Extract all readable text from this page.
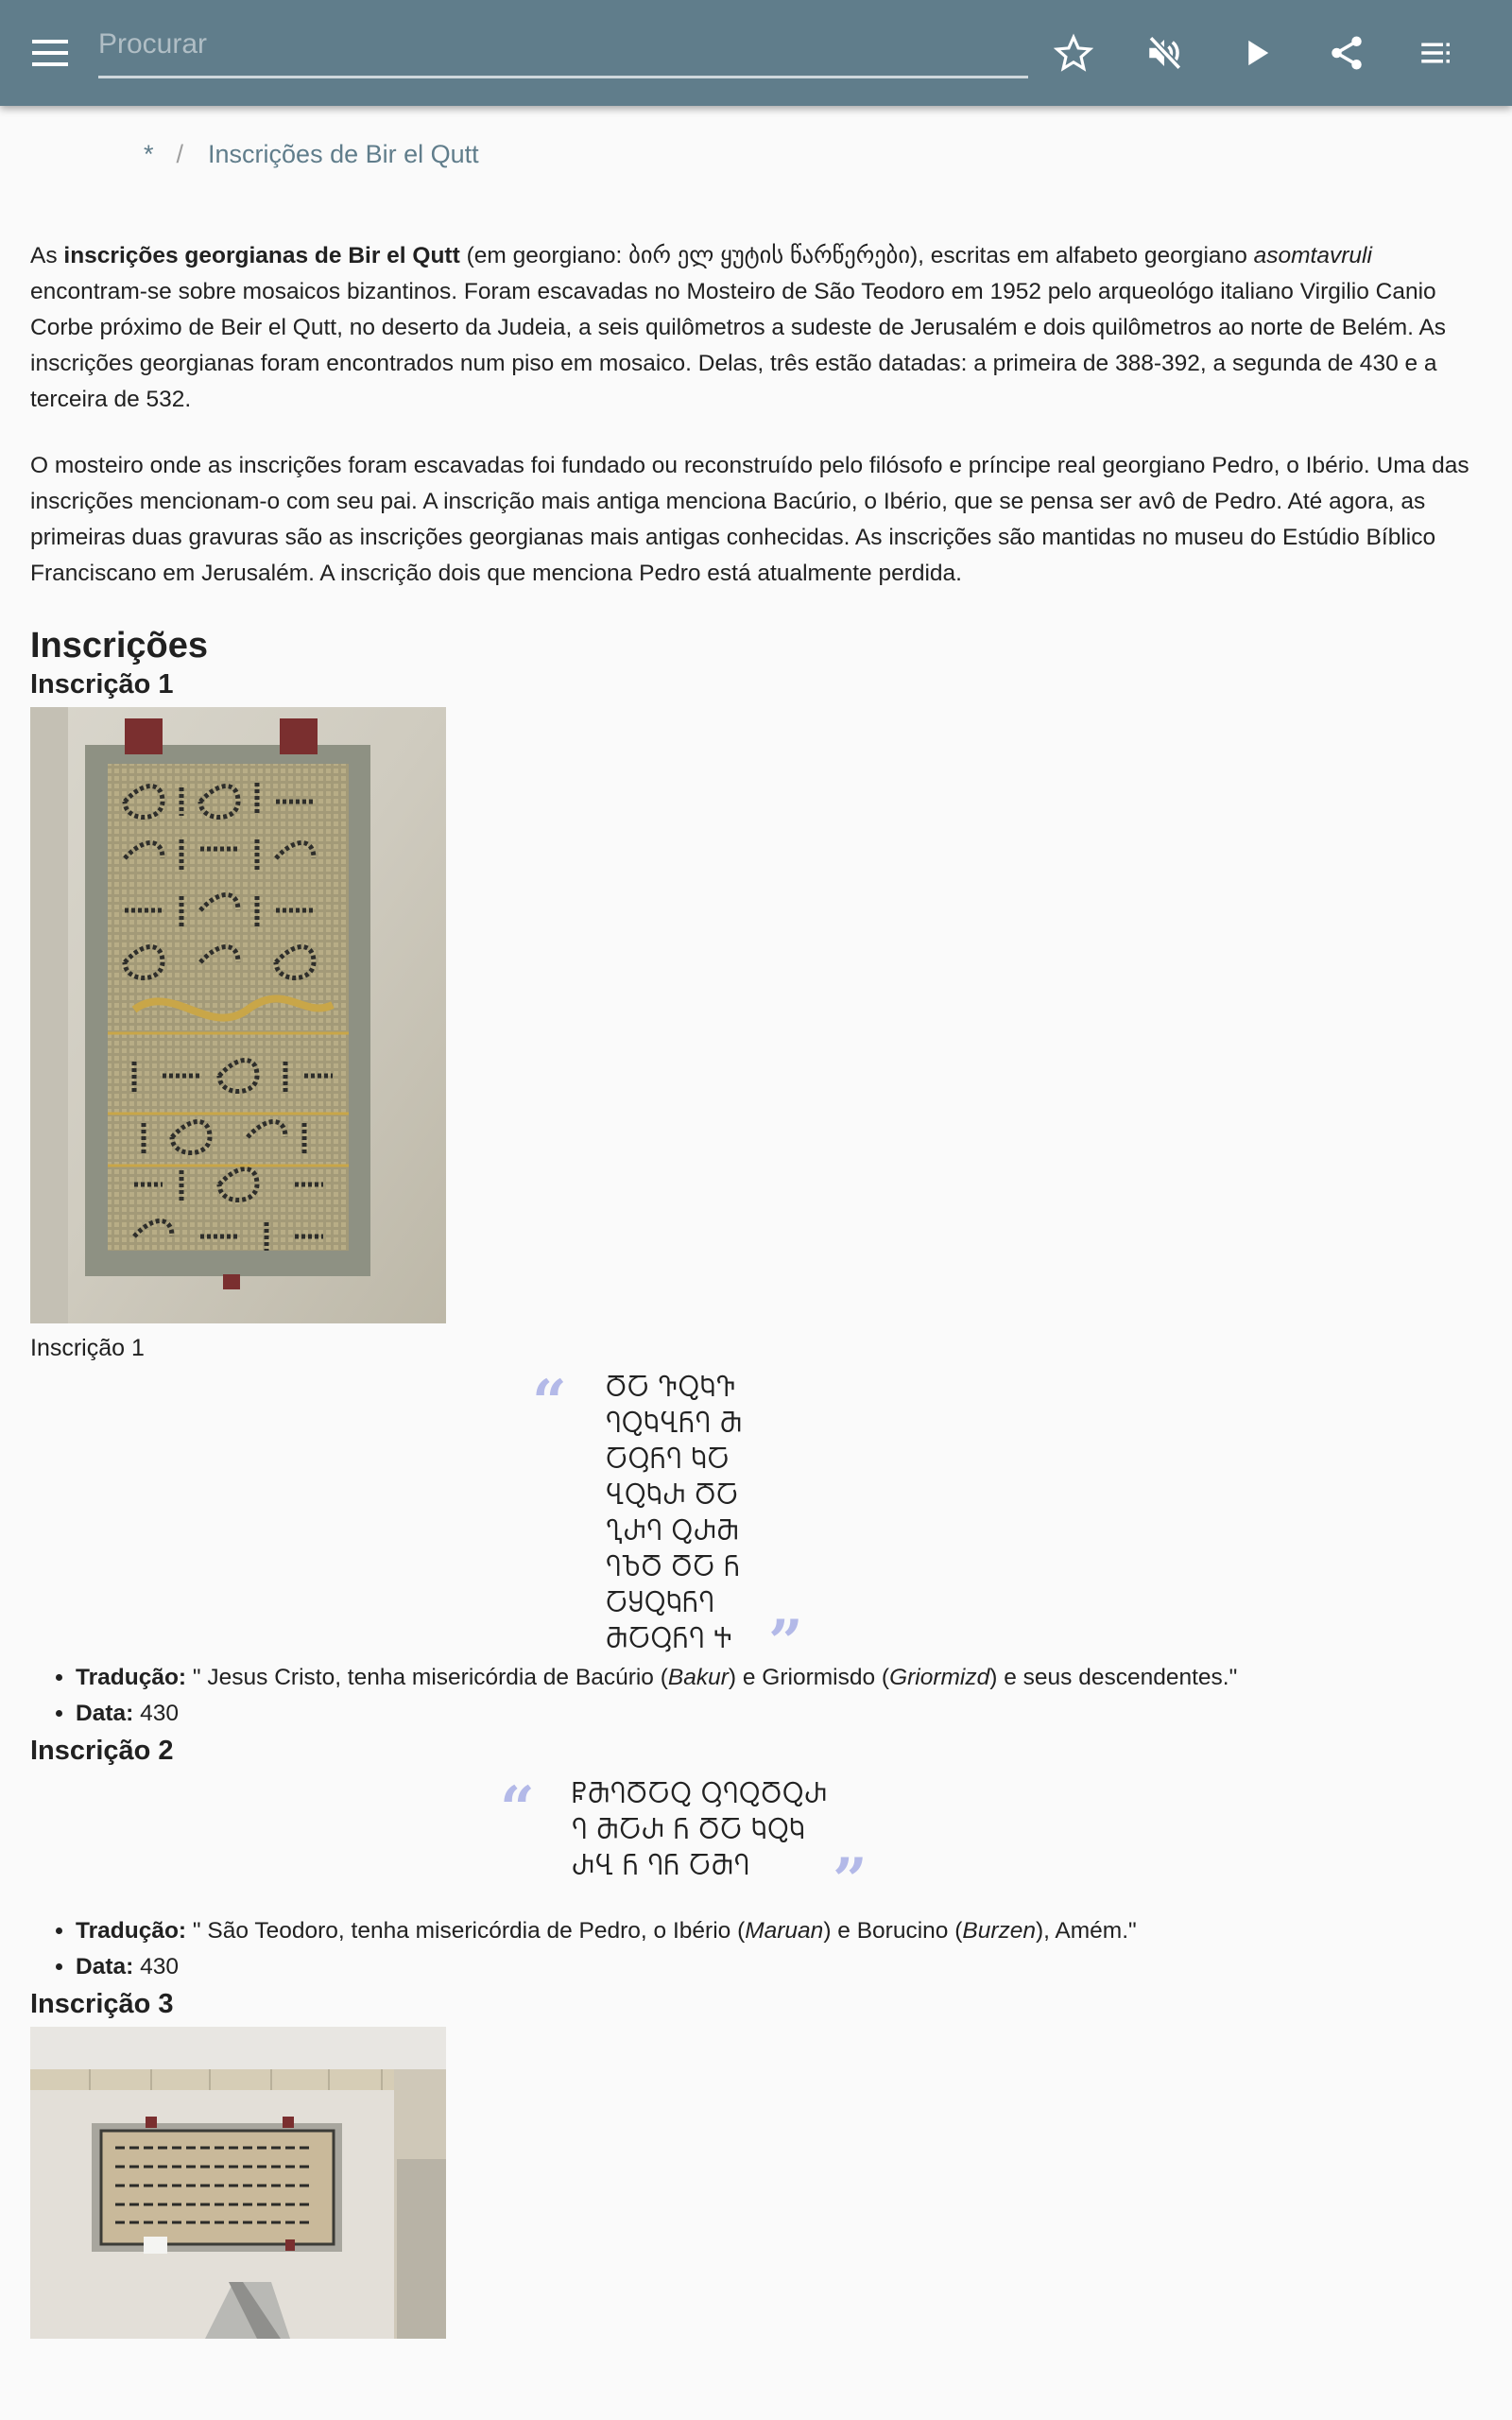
Procurar
* / Inscrições de Bir el Qutt

As inscrições georgianas de Bir el Qutt (em georgiano: ბირ ელ ყუტის წარწერები), escritas em alfabeto georgiano asomtavruli encontram-se sobre mosaicos bizantinos. Foram escavadas no Mosteiro de São Teodoro em 1952 pelo arqueológo italiano Virgilio Canio Corbe próximo de Beir el Qutt, no deserto da Judeia, a seis quilômetros a sudeste de Jerusalém e dois quilômetros ao norte de Belém. As inscrições georgianas foram encontrados num piso em mosaico. Delas, três estão datadas: a primeira de 388-392, a segunda de 430 e a terceira de 532.

O mosteiro onde as inscrições foram escavadas foi fundado ou reconstruído pelo filósofo e príncipe real georgiano Pedro, o Ibério. Uma das inscrições mencionam-o com seu pai. A inscrição mais antiga menciona Bacúrio, o Ibério, que se pensa ser avô de Pedro. Até agora, as primeiras duas gravuras são as inscrições georgianas mais antigas conhecidas. As inscrições são mantidas no museu do Estúdio Bíblico Franciscano em Jerusalém. A inscrição dois que menciona Pedro está atualmente perdida.

Inscrições
Inscrição 1
Inscrição 1
“ ႣႠ ႥႭႩႥ
ႤႭႩႡႬႤ Ⴋ
ႠႳႬႤ ႩႠ
ႡႭႩႰ ႣႠ
ႢႰႤ ႭႰႫ
ႤႦႣ ႣႠ Ⴌ
ႠႸႭႩႬႤ
ႫႠႳႬႤ Ⴕ ”
• Tradução: " Jesus Cristo, tenha misericórdia de Bacúrio (Bakur) e Griormisdo (Griormizd) e seus descendentes."
• Data: 430
Inscrição 2
“ ႼႫႤႣႠႭ ႳႤႭႣႭႰ
Ⴄ ႫႠႰ Ⴌ ႣႠ ႩႭႩ
ႰႡ Ⴌ ႤႬ ႠႫႤ	”
• Tradução: " São Teodoro, tenha misericórdia de Pedro, o Ibério (Maruan) e Borucino (Burzen), Amém."
• Data: 430
Inscrição 3
